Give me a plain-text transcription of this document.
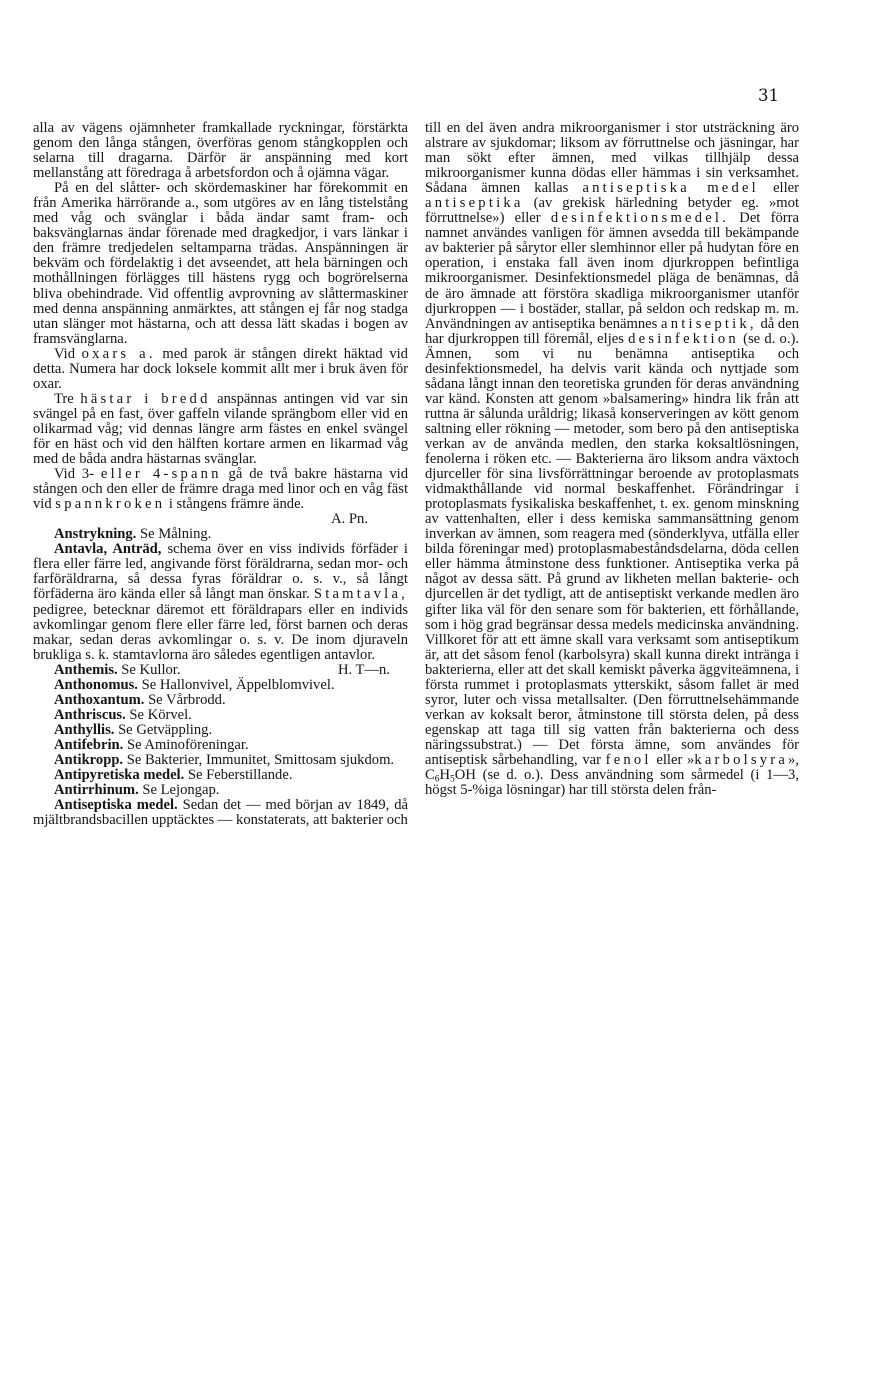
31

alla av vägens ojämnheter framkallade ryckningar, förstärkta genom den långa stången, överföras genom stångkopplen och selarna till dragarna. Därför är anspänning med kort mellanstång att föredraga å arbetsfordon och å ojämna vägar.

På en del slåtter- och skördemaskiner har förekommit en från Amerika härrörande a., som utgöres av en lång tistelstång med våg och svänglar i båda ändar samt fram- och baksvänglarnas ändar förenade med dragkedjor, i vars länkar i den främre tredjedelen seltamparna trädas. Anspänningen är bekväm och fördelaktig i det avseendet, att hela bärningen och mothållningen förlägges till hästens rygg och bogrörelserna bliva obehindrade. Vid offentlig avprovning av slåttermaskiner med denna anspänning anmärktes, att stången ej får nog stadga utan slänger mot hästarna, och att dessa lätt skadas i bogen av framsvänglarna.

Vid oxars a. med parok är stången direkt häktad vid detta. Numera har dock loksele kommit allt mer i bruk även för oxar.

Tre hästar i bredd anspännas antingen vid var sin svängel på en fast, över gaffeln vilande sprängbom eller vid en olikarmad våg; vid dennas längre arm fästes en enkel svängel för en häst och vid den hälften kortare armen en likarmad våg med de båda andra hästarnas svänglar.

Vid 3- eller 4-spann gå de två bakre hästarna vid stången och den eller de främre draga med linor och en våg fäst vid spannkroken i stångens främre ände.

A. Pn.

Anstrykning. Se Målning.

Antavla, Anträd, schema över en viss individs förfäder i flera eller färre led, angivande först föräldrarna, sedan mor- och farföräldrarna, så dessa fyras föräldrar o. s. v., så långt förfäderna äro kända eller så långt man önskar. Stamtavla, pedigree, betecknar däremot ett föräldrapars eller en individs avkomlingar genom flere eller färre led, först barnen och deras makar, sedan deras avkomlingar o. s. v. De inom djuraveln brukliga s. k. stamtavlorna äro således egentligen antavlor.
H. T—n.

Anthemis. Se Kullor.

Anthonomus. Se Hallonvivel, Äppelblomvivel.

Anthoxantum. Se Vårbrodd.

Anthriscus. Se Körvel.

Anthyllis. Se Getväppling.

Antifebrin. Se Aminoföreningar.

Antikropp. Se Bakterier, Immunitet, Smittosam sjukdom.

Antipyretiska medel. Se Feberstillande.

Antirrhinum. Se Lejongap.

Antiseptiska medel. Sedan det — med början av 1849, då mjältbrandsbacillen upptäcktes — konstaterats, att bakterier och

till en del även andra mikroorganismer i stor utsträckning äro alstrare av sjukdomar; liksom av förruttnelse och jäsningar, har man sökt efter ämnen, med vilkas tillhjälp dessa mikroorganismer kunna dödas eller hämmas i sin verksamhet. Sådana ämnen kallas antiseptiska medel eller antiseptika (av grekisk härledning betyder eg. »mot förruttnelse») eller desinfektionsmedel. Det förra namnet användes vanligen för ämnen avsedda till bekämpande av bakterier på sårytor eller slemhinnor eller på hudytan före en operation, i enstaka fall även inom djurkroppen befintliga mikroorganismer. Desinfektionsmedel pläga de benämnas, då de äro ämnade att förstöra skadliga mikroorganismer utanför djurkroppen — i bostäder, stallar, på seldon och redskap m. m. Användningen av antiseptika benämnes antiseptik, då den har djurkroppen till föremål, eljes desinfektion (se d. o.). Ämnen, som vi nu benämna antiseptika och desinfektionsmedel, ha delvis varit kända och nyttjade som sådana långt innan den teoretiska grunden för deras användning var känd. Konsten att genom »balsamering» hindra lik från att ruttna är sålunda uråldrig; likaså konserveringen av kött genom saltning eller rökning — metoder, som bero på den antiseptiska verkan av de använda medlen, den starka koksaltlösningen, fenolerna i röken etc. — Bakterierna äro liksom andra växtoch djurceller för sina livsförrättningar beroende av protoplasmats vidmakthållande vid normal beskaffenhet. Förändringar i protoplasmats fysikaliska beskaffenhet, t. ex. genom minskning av vattenhalten, eller i dess kemiska sammansättning genom inverkan av ämnen, som reagera med (sönderklyva, utfälla eller bilda föreningar med) protoplasmabeståndsdelarna, döda cellen eller hämma åtminstone dess funktioner. Antiseptika verka på något av dessa sätt. På grund av likheten mellan bakterie- och djurcellen är det tydligt, att de antiseptiskt verkande medlen äro gifter lika väl för den senare som för bakterien, ett förhållande, som i hög grad begränsar dessa medels medicinska användning. Villkoret för att ett ämne skall vara verksamt som antiseptikum är, att det såsom fenol (karbolsyra) skall kunna direkt intränga i bakterierna, eller att det skall kemiskt påverka äggviteämnena, i första rummet i protoplasmats ytterskikt, såsom fallet är med syror, luter och vissa metallsalter. (Den förruttnelsehämmande verkan av koksalt beror, åtminstone till största delen, på dess egenskap att taga till sig vatten från bakterierna och dess näringssubstrat.) — Det första ämne, som användes för antiseptisk sårbehandling, var fenol eller »karbolsyra», $C_6H_5OH$ (se d. o.). Dess användning som sårmedel (i 1—3, högst 5-%iga lösningar) har till största delen från-
